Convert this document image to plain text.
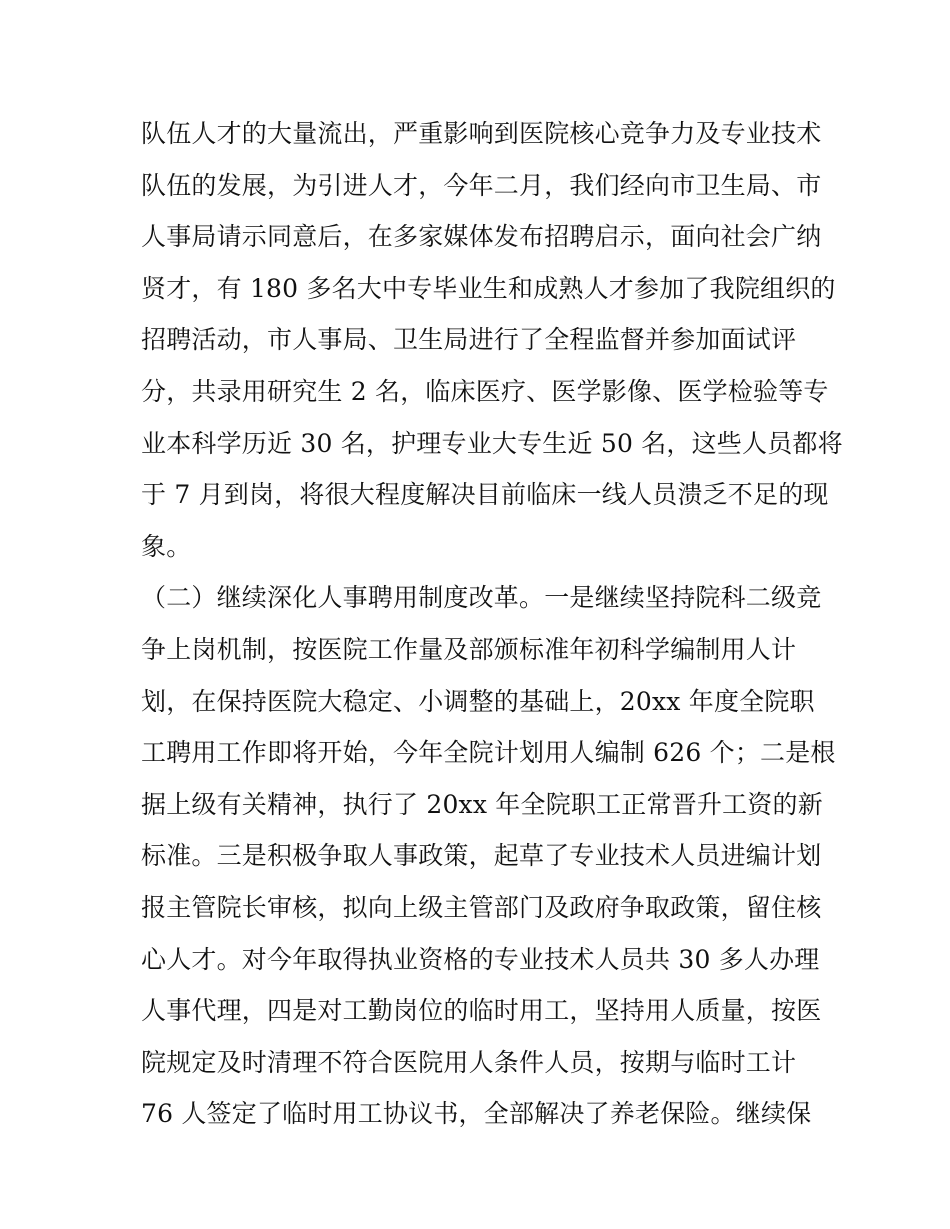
队伍人才的大量流出，严重影响到医院核心竞争力及专业技术
队伍的发展，为引进人才，今年二月，我们经向市卫生局、市
人事局请示同意后，在多家媒体发布招聘启示，面向社会广纳
贤才，有 180 多名大中专毕业生和成熟人才参加了我院组织的
招聘活动，市人事局、卫生局进行了全程监督并参加面试评
分，共录用研究生 2 名，临床医疗、医学影像、医学检验等专
业本科学历近 30 名，护理专业大专生近 50 名，这些人员都将
于 7 月到岗，将很大程度解决目前临床一线人员溃乏不足的现
象。
（二）继续深化人事聘用制度改革。一是继续坚持院科二级竞
争上岗机制，按医院工作量及部颁标准年初科学编制用人计
划，在保持医院大稳定、小调整的基础上，20xx 年度全院职
工聘用工作即将开始，今年全院计划用人编制 626 个；二是根
据上级有关精神，执行了 20xx 年全院职工正常晋升工资的新
标准。三是积极争取人事政策，起草了专业技术人员进编计划
报主管院长审核，拟向上级主管部门及政府争取政策，留住核
心人才。对今年取得执业资格的专业技术人员共 30 多人办理
人事代理，四是对工勤岗位的临时用工，坚持用人质量，按医
院规定及时清理不符合医院用人条件人员，按期与临时工计
76 人签定了临时用工协议书，全部解决了养老保险。继续保
